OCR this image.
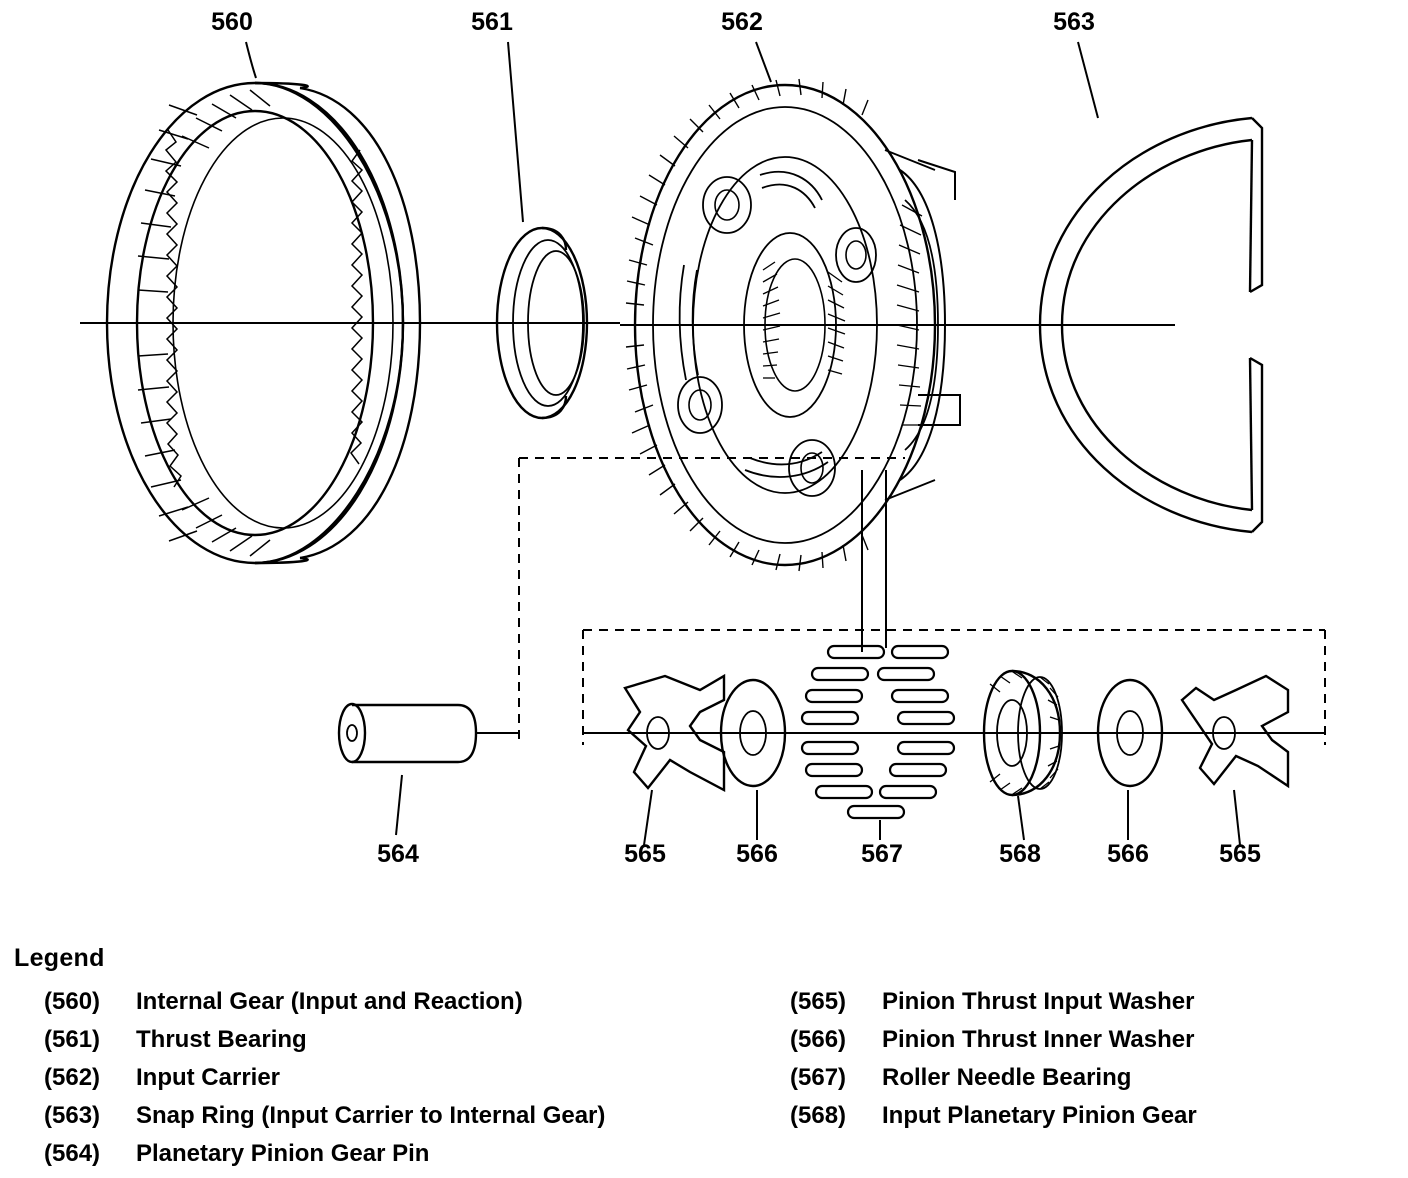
560	561	562	563
564	565	566	567	568	566	565
Legend
(560)	Internal Gear (Input and Reaction)
(561)	Thrust Bearing
(562)	Input Carrier
(563)	Snap Ring (Input Carrier to Internal Gear)
(564)	Planetary Pinion Gear Pin
(565)	Pinion Thrust Input Washer
(566)	Pinion Thrust Inner Washer
(567)	Roller Needle Bearing
(568)	Input Planetary Pinion Gear
